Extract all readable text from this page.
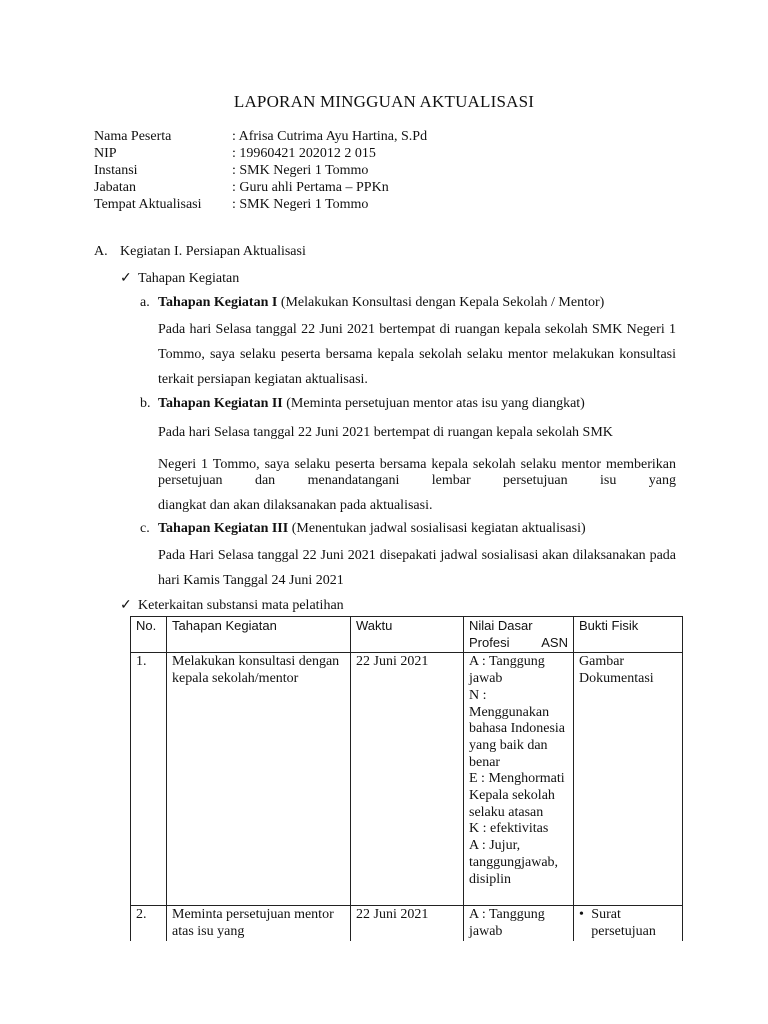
LAPORAN MINGGUAN AKTUALISASI
Nama Peserta	: Afrisa Cutrima Ayu Hartina, S.Pd
NIP	: 19960421 202012 2 015
Instansi	: SMK Negeri 1 Tommo
Jabatan	: Guru ahli Pertama – PPKn
Tempat Aktualisasi	: SMK Negeri 1 Tommo
A. Kegiatan I. Persiapan Aktualisasi
✓ Tahapan Kegiatan
a. Tahapan Kegiatan I (Melakukan Konsultasi dengan Kepala Sekolah / Mentor)
Pada hari Selasa tanggal 22 Juni 2021 bertempat di ruangan kepala sekolah SMK Negeri 1 Tommo, saya selaku peserta bersama kepala sekolah selaku mentor melakukan konsultasi terkait persiapan kegiatan aktualisasi.
b. Tahapan Kegiatan II (Meminta persetujuan mentor atas isu yang diangkat)
Pada hari Selasa tanggal 22 Juni 2021 bertempat di ruangan kepala sekolah SMK
Negeri 1 Tommo, saya selaku peserta bersama kepala sekolah selaku mentor memberikan persetujuan dan menandatangani lembar persetujuan isu yang
diangkat dan akan dilaksanakan pada aktualisasi.
c. Tahapan Kegiatan III (Menentukan jadwal sosialisasi kegiatan aktualisasi)
Pada Hari Selasa tanggal 22 Juni 2021 disepakati jadwal sosialisasi akan dilaksanakan pada hari Kamis Tanggal 24 Juni 2021
✓ Keterkaitan substansi mata pelatihan
No.	Tahapan Kegiatan	Waktu	Nilai Dasar Profesi ASN	Bukti Fisik
1.	Melakukan konsultasi dengan kepala sekolah/mentor	22 Juni 2021	A : Tanggung jawab
N : Menggunakan bahasa Indonesia yang baik dan benar
E : Menghormati Kepala sekolah selaku atasan
K : efektivitas
A : Jujur, tanggungjawab, disiplin	Gambar Dokumentasi
2.	Meminta persetujuan mentor atas isu yang	22 Juni 2021	A : Tanggung jawab	• Surat persetujuan
